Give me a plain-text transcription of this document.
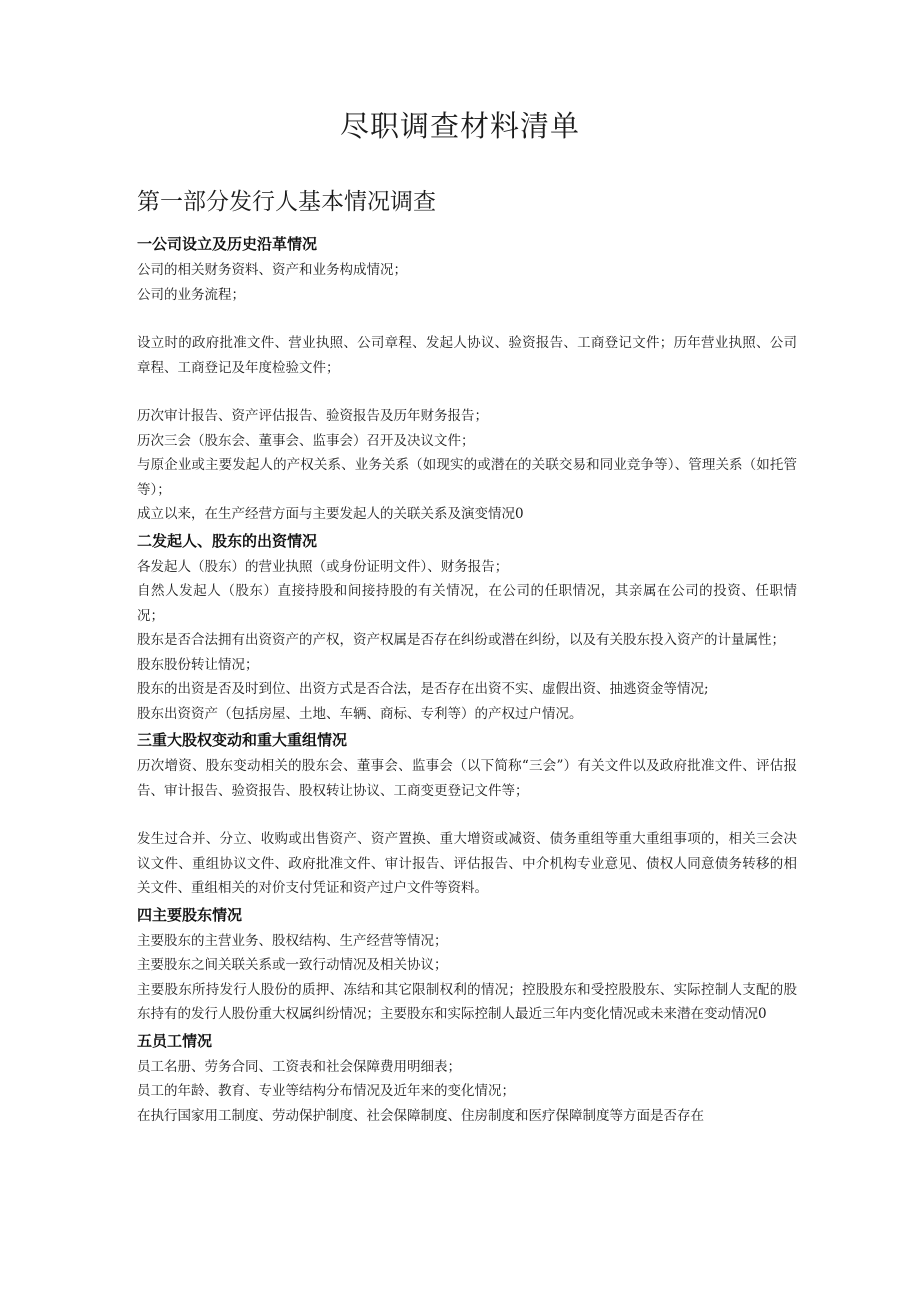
尽职调查材料清单
第一部分发行人基本情况调查
一公司设立及历史沿革情况

公司的相关财务资料、资产和业务构成情况；

公司的业务流程；

设立时的政府批准文件、营业执照、公司章程、发起人协议、验资报告、工商登记文件；历年营业执照、公司章程、工商登记及年度检验文件；

历次审计报告、资产评估报告、验资报告及历年财务报告；

历次三会（股东会、董事会、监事会）召开及决议文件；

与原企业或主要发起人的产权关系、业务关系（如现实的或潜在的关联交易和同业竞争等）、管理关系（如托管等）；

成立以来，在生产经营方面与主要发起人的关联关系及演变情况0

二发起人、股东的出资情况

各发起人（股东）的营业执照（或身份证明文件）、财务报告；

自然人发起人（股东）直接持股和间接持股的有关情况，在公司的任职情况，其亲属在公司的投资、任职情况；

股东是否合法拥有出资资产的产权，资产权属是否存在纠纷或潜在纠纷，以及有关股东投入资产的计量属性；

股东股份转让情况；

股东的出资是否及时到位、出资方式是否合法，是否存在出资不实、虚假出资、抽逃资金等情况;

股东出资资产（包括房屋、土地、车辆、商标、专利等）的产权过户情况。

三重大股权变动和重大重组情况

历次增资、股东变动相关的股东会、董事会、监事会（以下简称“三会”）有关文件以及政府批准文件、评估报告、审计报告、验资报告、股权转让协议、工商变更登记文件等；

发生过合并、分立、收购或出售资产、资产置换、重大增资或减资、债务重组等重大重组事项的，相关三会决议文件、重组协议文件、政府批准文件、审计报告、评估报告、中介机构专业意见、债权人同意债务转移的相关文件、重组相关的对价支付凭证和资产过户文件等资料。

四主要股东情况

主要股东的主营业务、股权结构、生产经营等情况；

主要股东之间关联关系或一致行动情况及相关协议；

主要股东所持发行人股份的质押、冻结和其它限制权利的情况；控股股东和受控股股东、实际控制人支配的股东持有的发行人股份重大权属纠纷情况；主要股东和实际控制人最近三年内变化情况或未来潜在变动情况0

五员工情况

员工名册、劳务合同、工资表和社会保障费用明细表；

员工的年龄、教育、专业等结构分布情况及近年来的变化情况；

在执行国家用工制度、劳动保护制度、社会保障制度、住房制度和医疗保障制度等方面是否存在
